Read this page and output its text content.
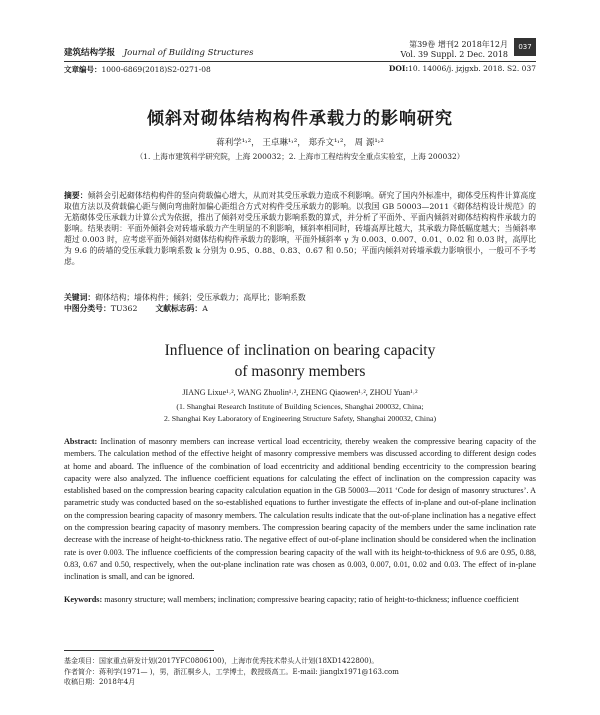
建筑结构学报 Journal of Building Structures
第39卷 增刊2 2018年12月
Vol. 39 Suppl. 2 Dec. 2018
037
文章编号：1000-6869(2018)S2-0271-08	DOI:10. 14006/j. jzjgxb. 2018. S2. 037
倾斜对砌体结构构件承载力的影响研究
蒋利学¹˒²， 王卓琳¹˒²， 郑乔文¹˒²， 周 源¹˒²
（1. 上海市建筑科学研究院，上海 200032；2. 上海市工程结构安全重点实验室，上海 200032）
摘要：倾斜会引起砌体结构构件的竖向荷载偏心增大，从而对其受压承载力造成不利影响。研究了国内外标准中，砌体受压构件计算高度取值方法以及荷载偏心距与侧向弯曲附加偏心距组合方式对构件受压承载力的影响。以我国 GB 50003—2011《砌体结构设计规范》的无筋砌体受压承载力计算公式为依据，推出了倾斜对受压承载力影响系数的算式，并分析了平面外、平面内倾斜对砌体结构构件承载力的影响。结果表明：平面外倾斜会对砖墙承载力产生明显的不利影响，倾斜率相同时，砖墙高厚比越大，其承载力降低幅度越大；当倾斜率超过 0.003 时，应考虑平面外倾斜对砌体结构构件承载力的影响，平面外倾斜率 γ 为 0.003、0.007、0.01、0.02 和 0.03 时，高厚比为 9.6 的砖墙的受压承载力影响系数 k 分别为 0.95、0.88、0.83、0.67 和 0.50；平面内倾斜对砖墙承载力影响很小，一般可不予考虑。
关键词：砌体结构；墙体构件；倾斜；受压承载力；高厚比；影响系数
中图分类号：TU362 文献标志码：A
Influence of inclination on bearing capacity
of masonry members
JIANG Lixue¹˒², WANG Zhuolin¹˒², ZHENG Qiaowen¹˒², ZHOU Yuan¹˒²
(1. Shanghai Research Institute of Building Sciences, Shanghai 200032, China;
2. Shanghai Key Laboratory of Engineering Structure Safety, Shanghai 200032, China)
Abstract: Inclination of masonry members can increase vertical load eccentricity, thereby weaken the compressive bearing capacity of the members. The calculation method of the effective height of masonry compressive members was discussed according to different design codes at home and aboard. The influence of the combination of load eccentricity and additional bending eccentricity to the compression bearing capacity were also analyzed. The influence coefficient equations for calculating the effect of inclination on the compression capacity was established based on the compression bearing capacity calculation equation in the GB 50003—2011 ‘Code for design of masonry structures’. A parametric study was conducted based on the so-established equations to further investigate the effects of in-plane and out-of-plane inclination on the compression bearing capacity of masonry members. The calculation results indicate that the out-of-plane inclination has a negative effect on the compression bearing capacity of masonry members. The compression bearing capacity of the members under the same inclination rate decrease with the increase of height-to-thickness ratio. The negative effect of out-of-plane inclination should be considered when the inclination rate is over 0.003. The influence coefficients of the compression bearing capacity of the wall with its height-to-thickness of 9.6 are 0.95, 0.88, 0.83, 0.67 and 0.50, respectively, when the out-plane inclination rate was chosen as 0.003, 0.007, 0.01, 0.02 and 0.03. The effect of in-plane inclination is small, and can be ignored.
Keywords: masonry structure; wall members; inclination; compressive bearing capacity; ratio of height-to-thickness; influence coefficient
基金项目：国家重点研发计划(2017YFC0806100)，上海市优秀技术带头人计划(18XD1422800)。
作者简介：蒋利学(1971— )，男，浙江桐乡人，工学博士，教授级高工。E-mail: jianglx1971@163.com
收稿日期：2018年4月
